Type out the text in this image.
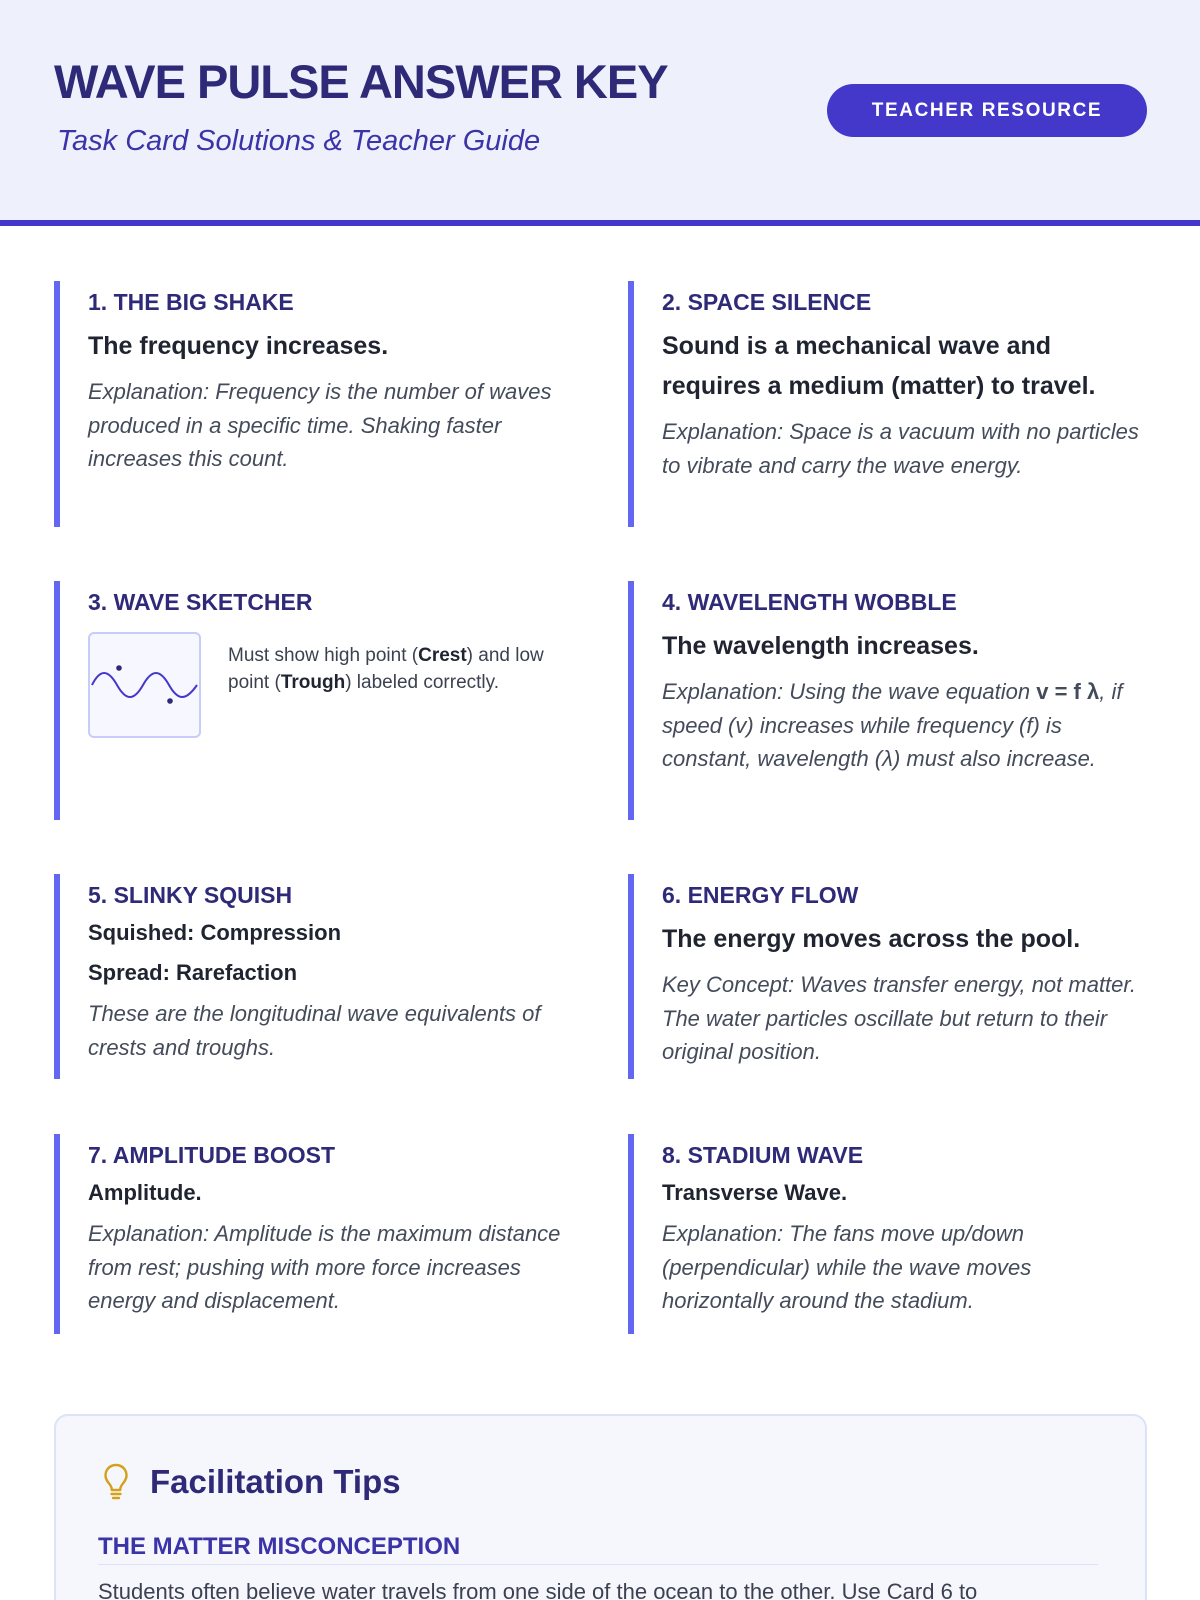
WAVE PULSE ANSWER KEY
Task Card Solutions & Teacher Guide
TEACHER RESOURCE
1. THE BIG SHAKE
The frequency increases.
Explanation: Frequency is the number of waves produced in a specific time. Shaking faster increases this count.
2. SPACE SILENCE
Sound is a mechanical wave and requires a medium (matter) to travel.
Explanation: Space is a vacuum with no particles to vibrate and carry the wave energy.
3. WAVE SKETCHER
Must show high point (Crest) and low point (Trough) labeled correctly.
4. WAVELENGTH WOBBLE
The wavelength increases.
Explanation: Using the wave equation v = f λ, if speed (v) increases while frequency (f) is constant, wavelength (λ) must also increase.
5. SLINKY SQUISH
Squished: Compression
Spread: Rarefaction
These are the longitudinal wave equivalents of crests and troughs.
6. ENERGY FLOW
The energy moves across the pool.
Key Concept: Waves transfer energy, not matter. The water particles oscillate but return to their original position.
7. AMPLITUDE BOOST
Amplitude.
Explanation: Amplitude is the maximum distance from rest; pushing with more force increases energy and displacement.
8. STADIUM WAVE
Transverse Wave.
Explanation: The fans move up/down (perpendicular) while the wave moves horizontally around the stadium.
Facilitation Tips
THE MATTER MISCONCEPTION
Students often believe water travels from one side of the ocean to the other. Use Card 6 to
